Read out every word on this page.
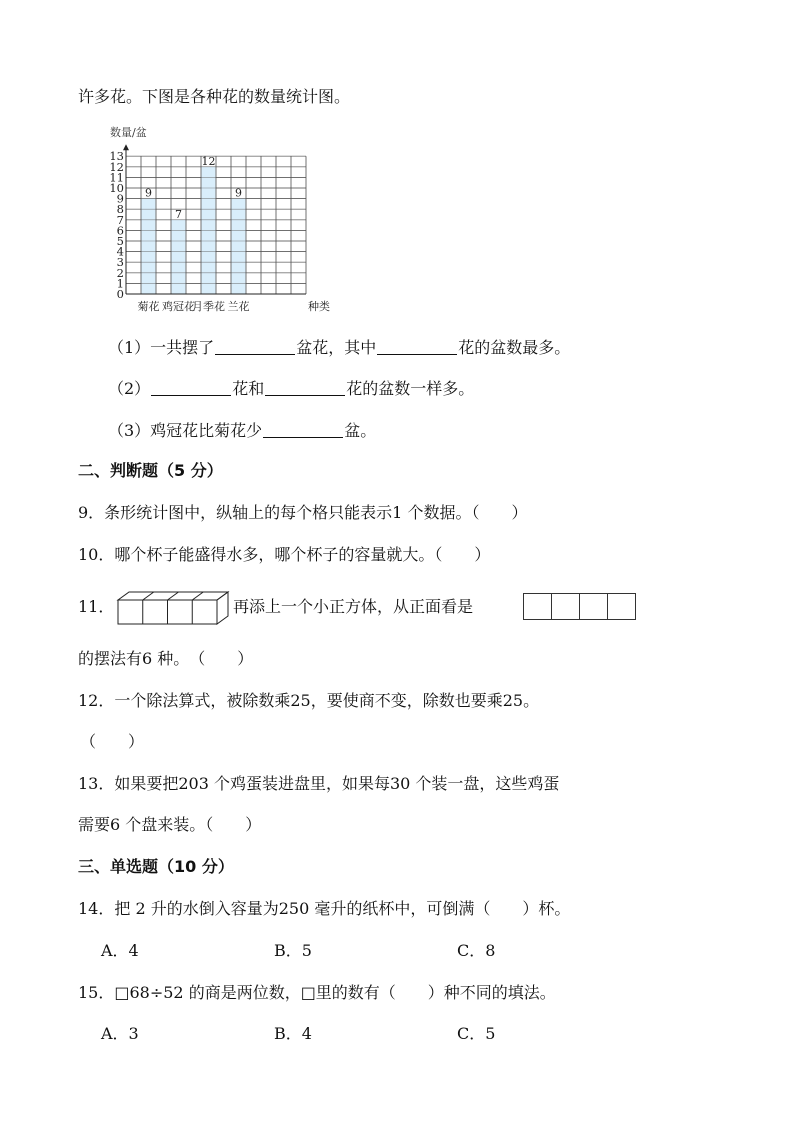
许多花。下图是各种花的数量统计图。
9
7
12
9
0
1
2
3
4
5
6
7
8
9
10
11
12
13
数量/盆
菊花 鸡冠花
月季花 兰花	种类
（1）一共摆了	盆花，其中	花的盆数最多。
（2）	花和	花的盆数一样多。
（3）鸡冠花比菊花少	盆。
二、判断题（5 分）
9．条形统计图中，纵轴上的每个格只能表示1 个数据。（　　）
10．哪个杯子能盛得水多，哪个杯子的容量就大。（　　）
11．	再添上一个小正方体，从正面看是
的摆法有6 种。　（　　）
12．一个除法算式，被除数乘25，要使商不变，除数也要乘25。
（　　）
13．如果要把203 个鸡蛋装进盘里，如果每30 个装一盘，这些鸡蛋
需要6 个盘来装。（　　）
三、单选题（10 分）
14．把 2 升的水倒入容量为250 毫升的纸杯中，可倒满（　　）杯。
A．4	B．5	C．8
15．□68÷52 的商是两位数，□里的数有（　　）种不同的填法。
A．3	B．4	C．5
